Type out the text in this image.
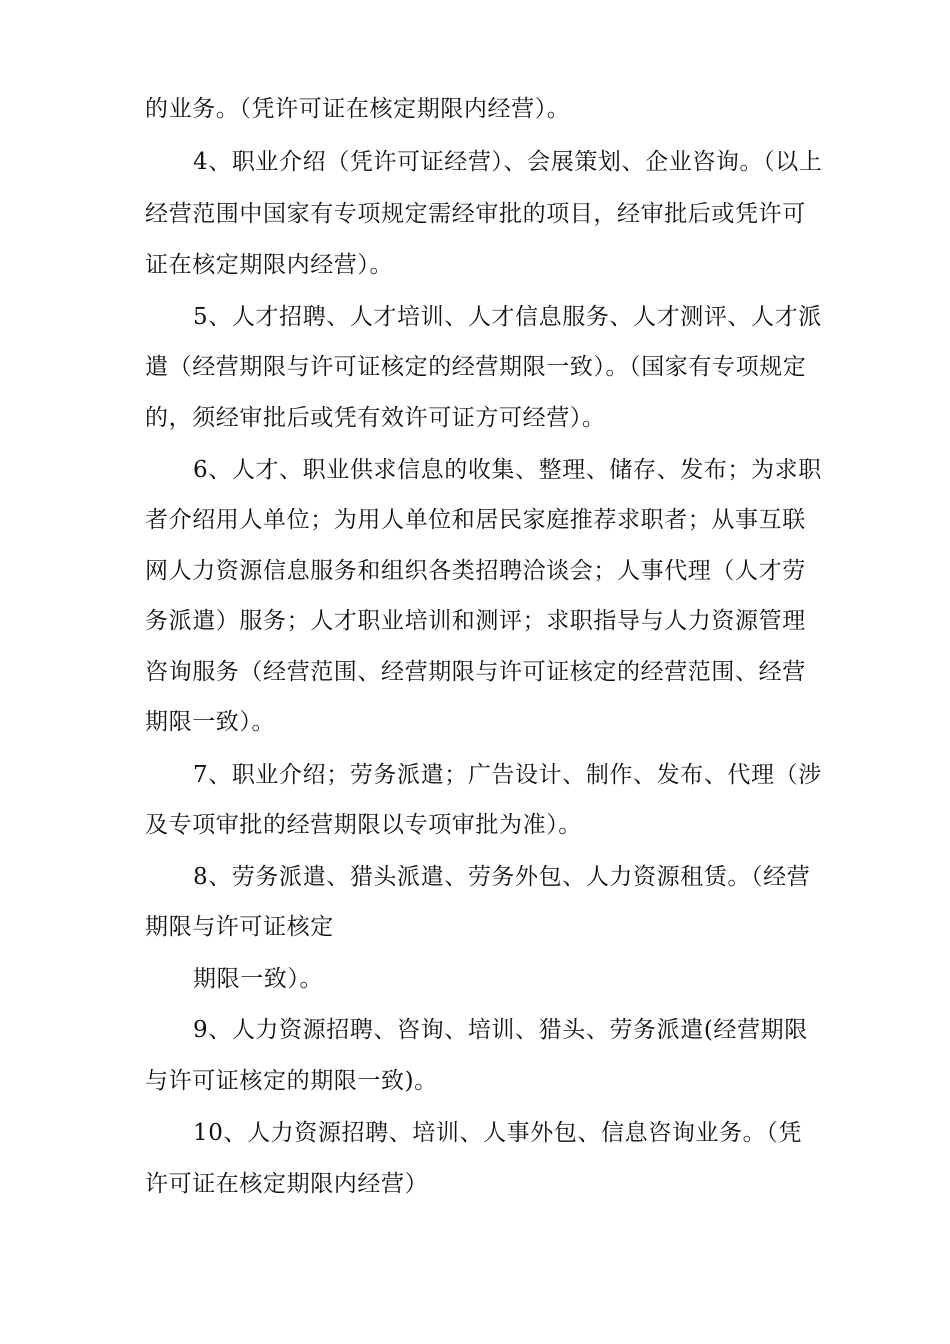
的业务。（凭许可证在核定期限内经营）。
4、职业介绍（凭许可证经营）、会展策划、企业咨询。（以上
经营范围中国家有专项规定需经审批的项目，经审批后或凭许可
证在核定期限内经营）。
5、人才招聘、人才培训、人才信息服务、人才测评、人才派
遣（经营期限与许可证核定的经营期限一致）。（国家有专项规定
的，须经审批后或凭有效许可证方可经营）。
6、人才、职业供求信息的收集、整理、储存、发布；为求职
者介绍用人单位；为用人单位和居民家庭推荐求职者；从事互联
网人力资源信息服务和组织各类招聘洽谈会；人事代理（人才劳
务派遣）服务；人才职业培训和测评；求职指导与人力资源管理
咨询服务（经营范围、经营期限与许可证核定的经营范围、经营
期限一致）。
7、职业介绍；劳务派遣；广告设计、制作、发布、代理（涉
及专项审批的经营期限以专项审批为准）。
8、劳务派遣、猎头派遣、劳务外包、人力资源租赁。（经营
期限与许可证核定
期限一致）。
9、人力资源招聘、咨询、培训、猎头、劳务派遣(经营期限
与许可证核定的期限一致)。
10、人力资源招聘、培训、人事外包、信息咨询业务。（凭
许可证在核定期限内经营）
